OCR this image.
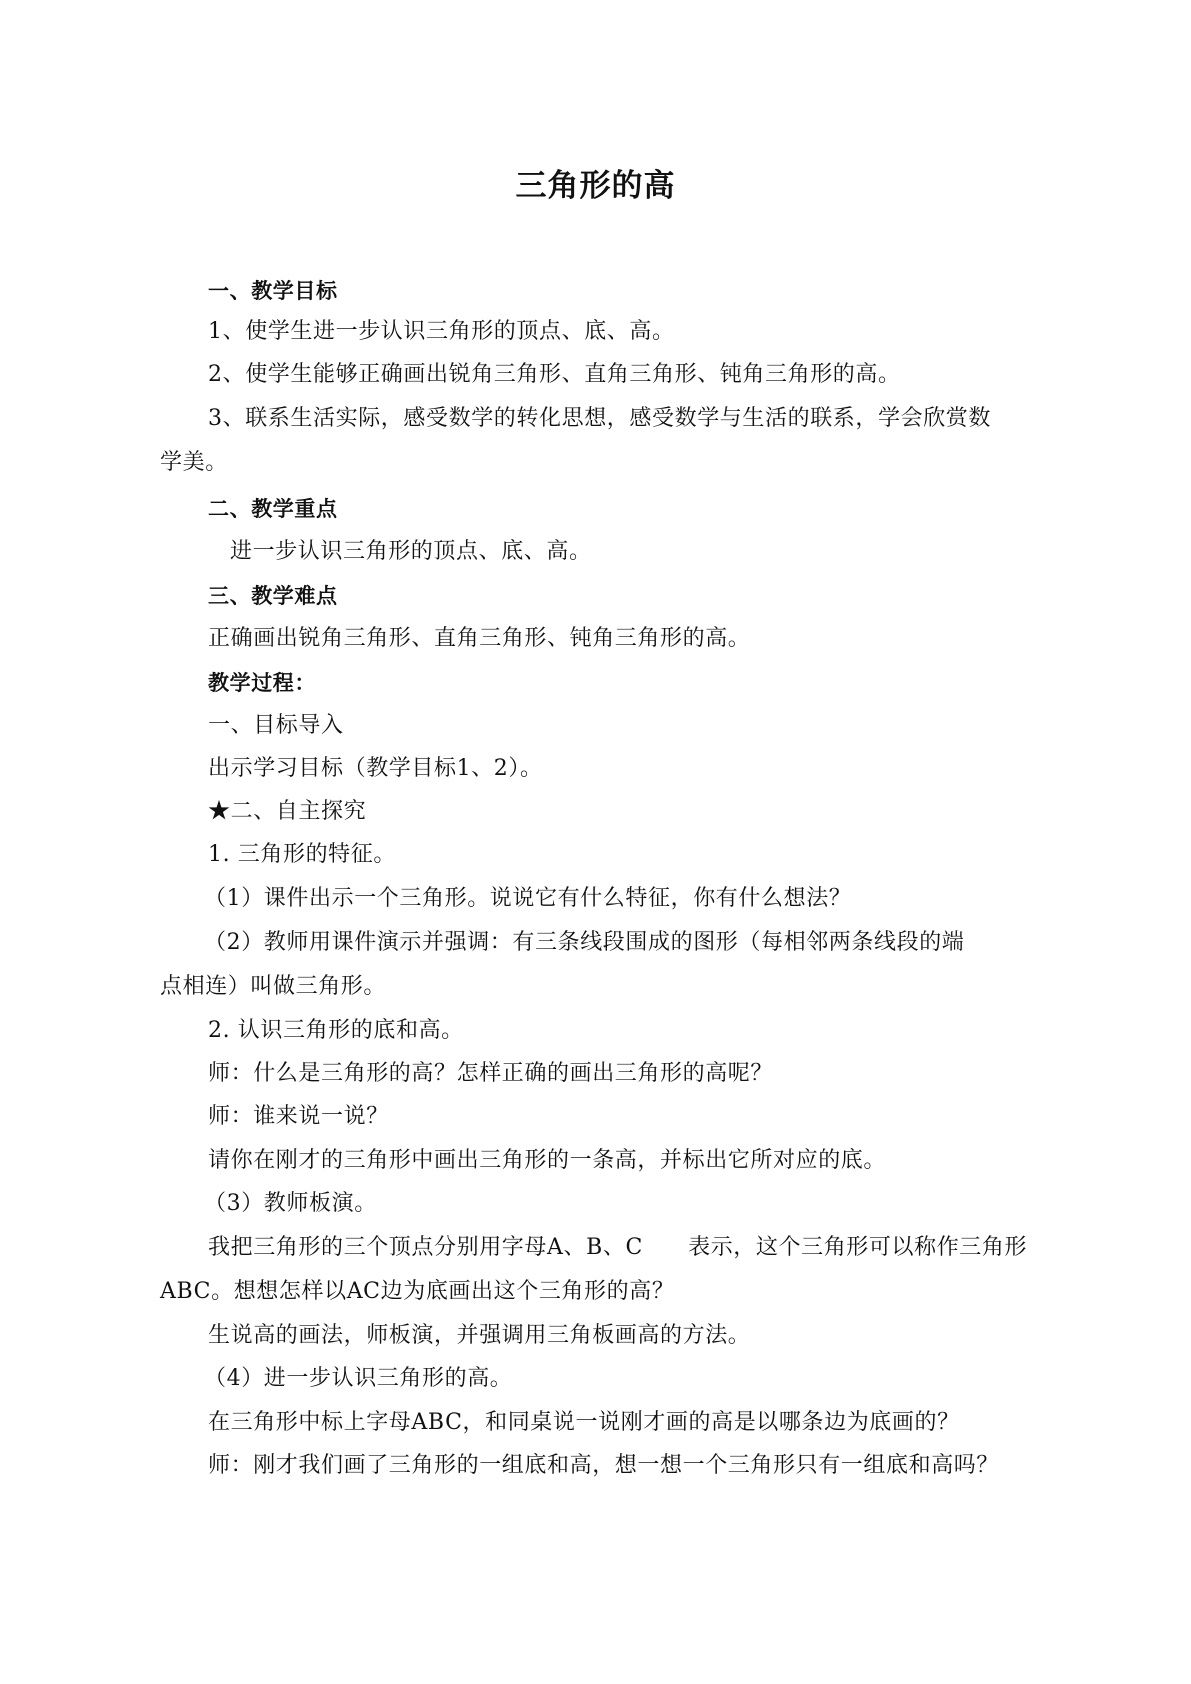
三角形的高
一、教学目标
1、使学生进一步认识三角形的顶点、底、高。
2、使学生能够正确画出锐角三角形、直角三角形、钝角三角形的高。
3、联系生活实际，感受数学的转化思想，感受数学与生活的联系，学会欣赏数
学美。
二、教学重点
进一步认识三角形的顶点、底、高。
三、教学难点
正确画出锐角三角形、直角三角形、钝角三角形的高。
教学过程：
一、目标导入
出示学习目标（教学目标1、2）。
★二、自主探究
1. 三角形的特征。
（1）课件出示一个三角形。说说它有什么特征，你有什么想法？
（2）教师用课件演示并强调：有三条线段围成的图形（每相邻两条线段的端
点相连）叫做三角形。
2. 认识三角形的底和高。
师：什么是三角形的高？怎样正确的画出三角形的高呢？
师：谁来说一说？
请你在刚才的三角形中画出三角形的一条高，并标出它所对应的底。
（3）教师板演。
我把三角形的三个顶点分别用字母A、B、C　　表示，这个三角形可以称作三角形
ABC。想想怎样以AC边为底画出这个三角形的高？
生说高的画法，师板演，并强调用三角板画高的方法。
（4）进一步认识三角形的高。
在三角形中标上字母ABC，和同桌说一说刚才画的高是以哪条边为底画的？
师：刚才我们画了三角形的一组底和高，想一想一个三角形只有一组底和高吗？
